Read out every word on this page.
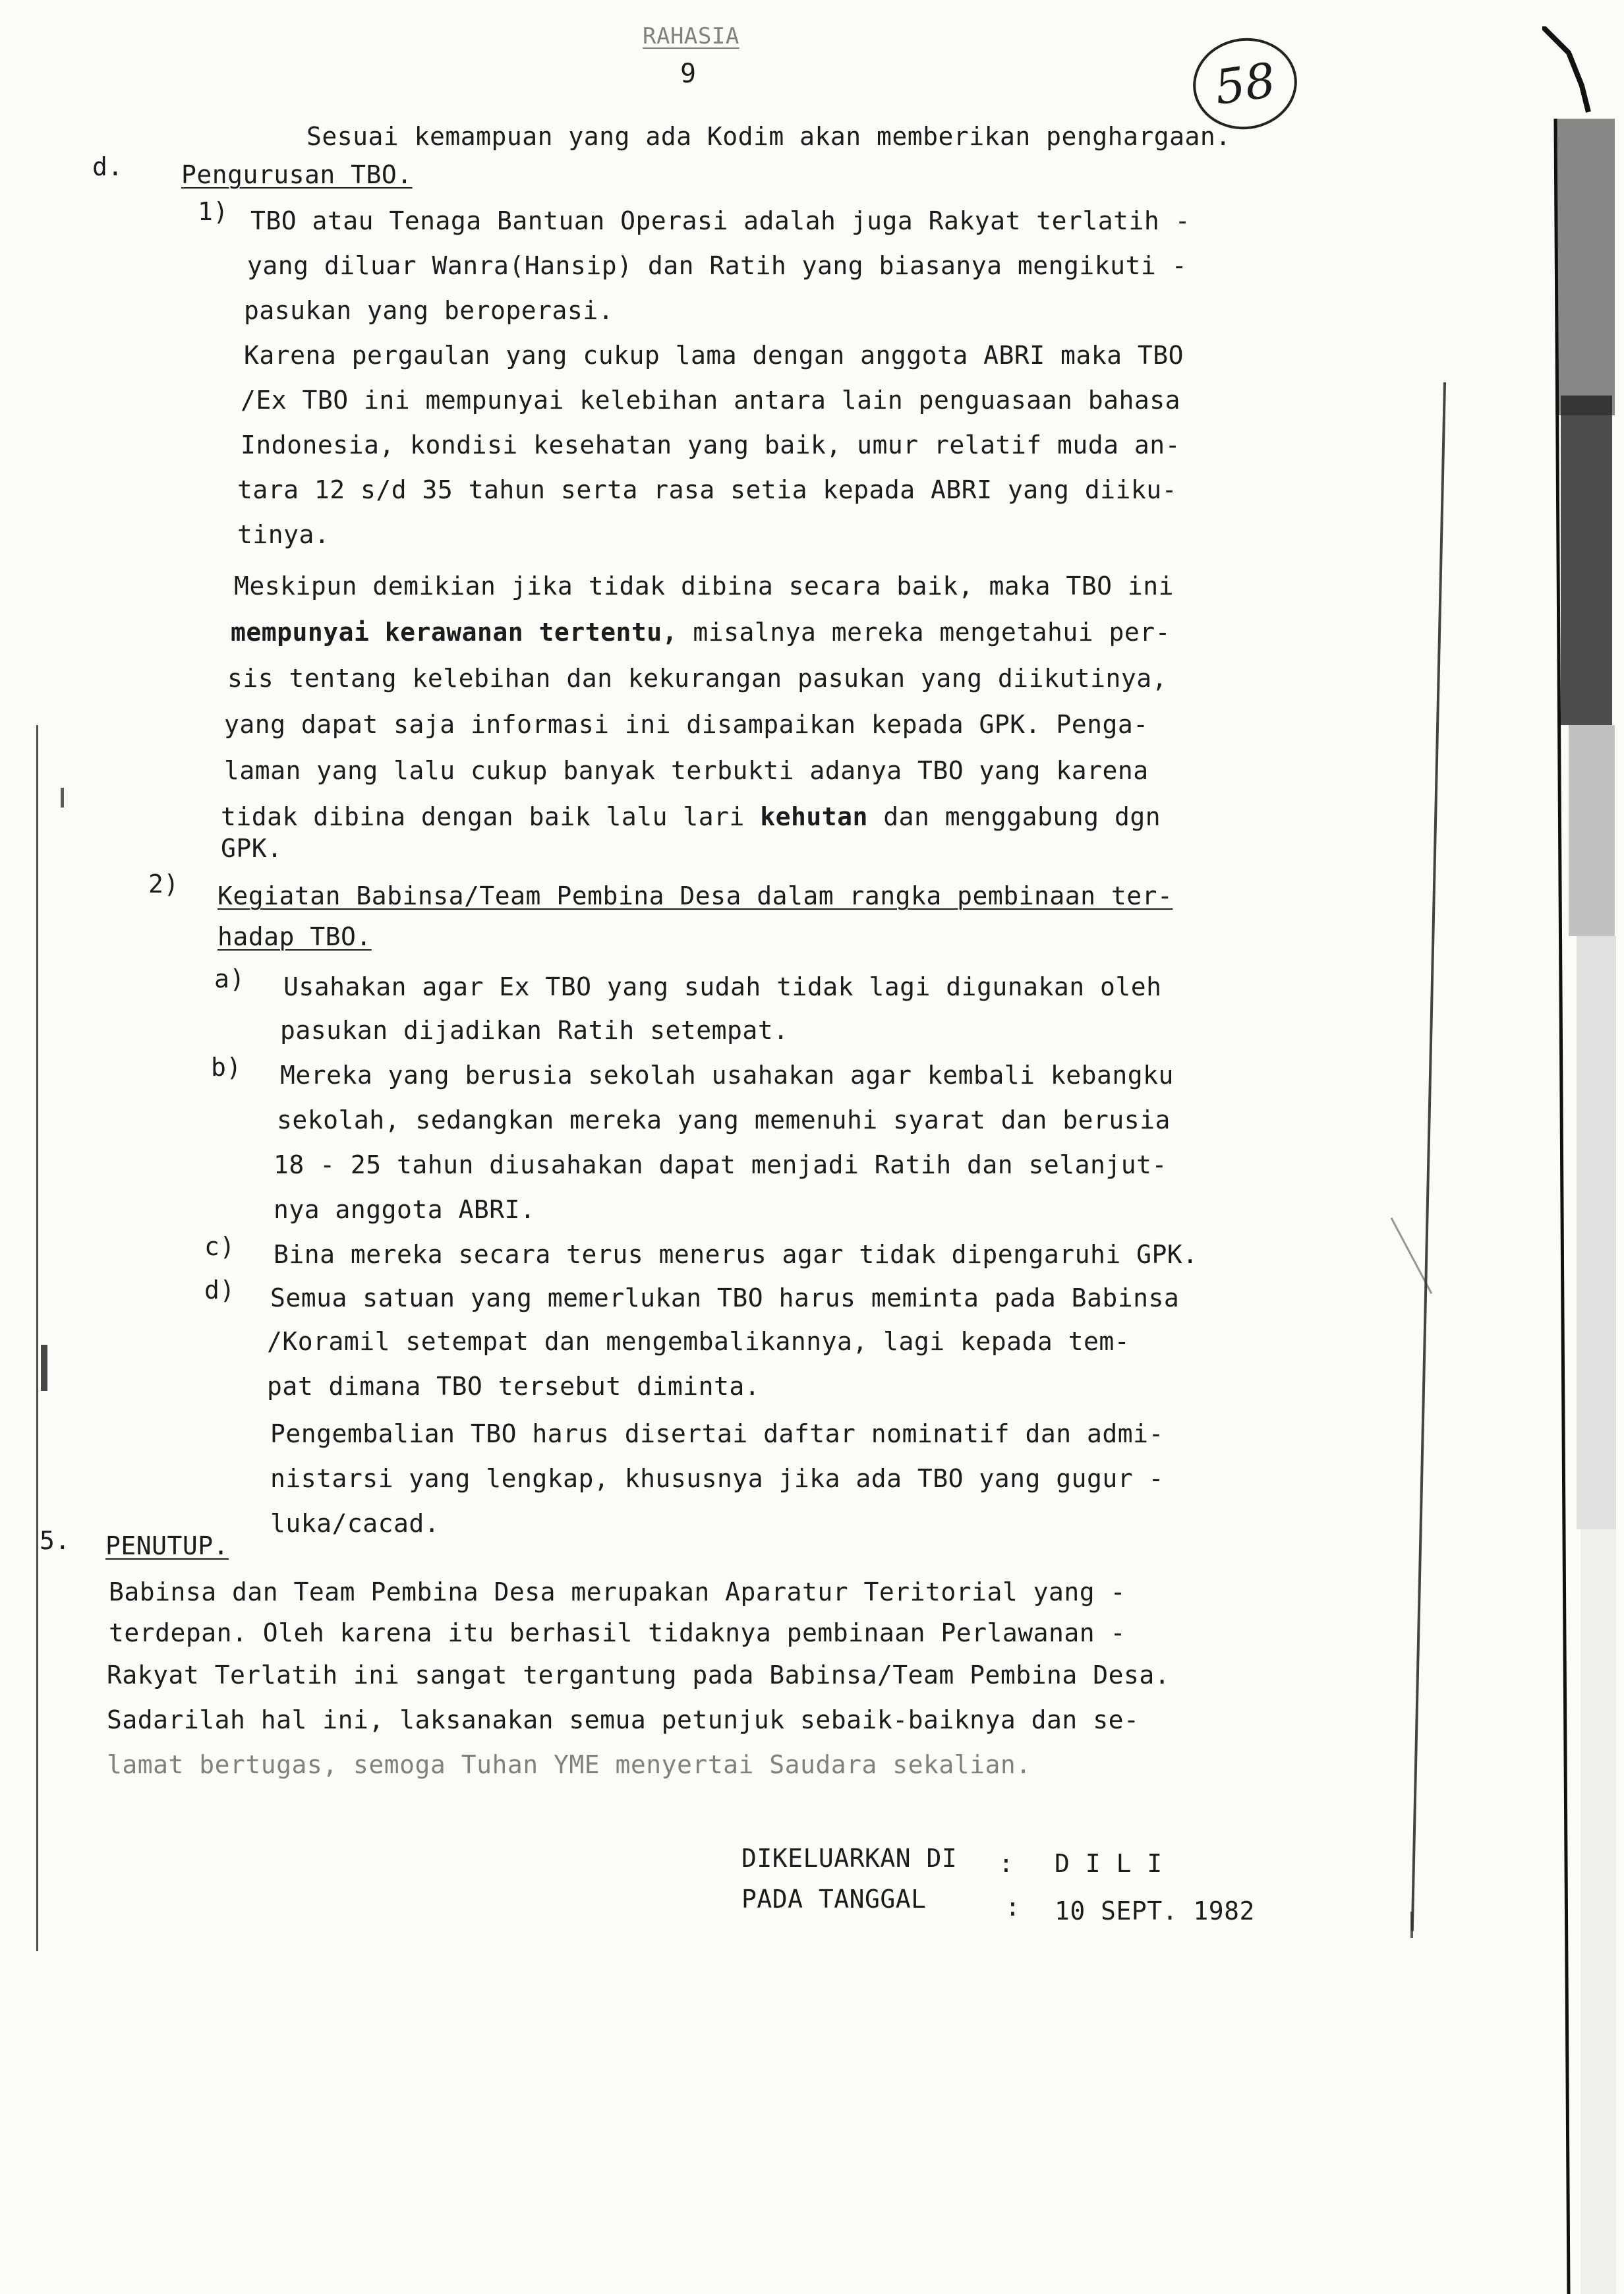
RAHASIA
9	58
Sesuai kemampuan yang ada Kodim akan memberikan penghargaan.
d. Pengurusan TBO.
1) TBO atau Tenaga Bantuan Operasi adalah juga Rakyat terlatih -
yang diluar Wanra(Hansip) dan Ratih yang biasanya mengikuti -
pasukan yang beroperasi.
Karena pergaulan yang cukup lama dengan anggota ABRI maka TBO
/Ex TBO ini mempunyai kelebihan antara lain penguasaan bahasa
Indonesia, kondisi kesehatan yang baik, umur relatif muda an-
tara 12 s/d 35 tahun serta rasa setia kepada ABRI yang diiku-
tinya.
Meskipun demikian jika tidak dibina secara baik, maka TBO ini
mempunyai kerawanan tertentu, misalnya mereka mengetahui per-
sis tentang kelebihan dan kekurangan pasukan yang diikutinya,
yang dapat saja informasi ini disampaikan kepada GPK. Penga-
laman yang lalu cukup banyak terbukti adanya TBO yang karena
tidak dibina dengan baik lalu lari kehutan dan menggabung dgn
GPK.
2) Kegiatan Babinsa/Team Pembina Desa dalam rangka pembinaan ter-
hadap TBO.
a) Usahakan agar Ex TBO yang sudah tidak lagi digunakan oleh
pasukan dijadikan Ratih setempat.
b) Mereka yang berusia sekolah usahakan agar kembali kebangku
sekolah, sedangkan mereka yang memenuhi syarat dan berusia
18 - 25 tahun diusahakan dapat menjadi Ratih dan selanjut-
nya anggota ABRI.
c) Bina mereka secara terus menerus agar tidak dipengaruhi GPK.
d) Semua satuan yang memerlukan TBO harus meminta pada Babinsa
/Koramil setempat dan mengembalikannya, lagi kepada tem-
pat dimana TBO tersebut diminta.
Pengembalian TBO harus disertai daftar nominatif dan admi-
nistarsi yang lengkap, khususnya jika ada TBO yang gugur -
luka/cacad.
5. PENUTUP.
Babinsa dan Team Pembina Desa merupakan Aparatur Teritorial yang -
terdepan. Oleh karena itu berhasil tidaknya pembinaan Perlawanan -
Rakyat Terlatih ini sangat tergantung pada Babinsa/Team Pembina Desa.
Sadarilah hal ini, laksanakan semua petunjuk sebaik-baiknya dan se-
lamat bertugas, semoga Tuhan YME menyertai Saudara sekalian.
DIKELUARKAN DI : D I L I
PADA TANGGAL	: 10 SEPT. 1982
